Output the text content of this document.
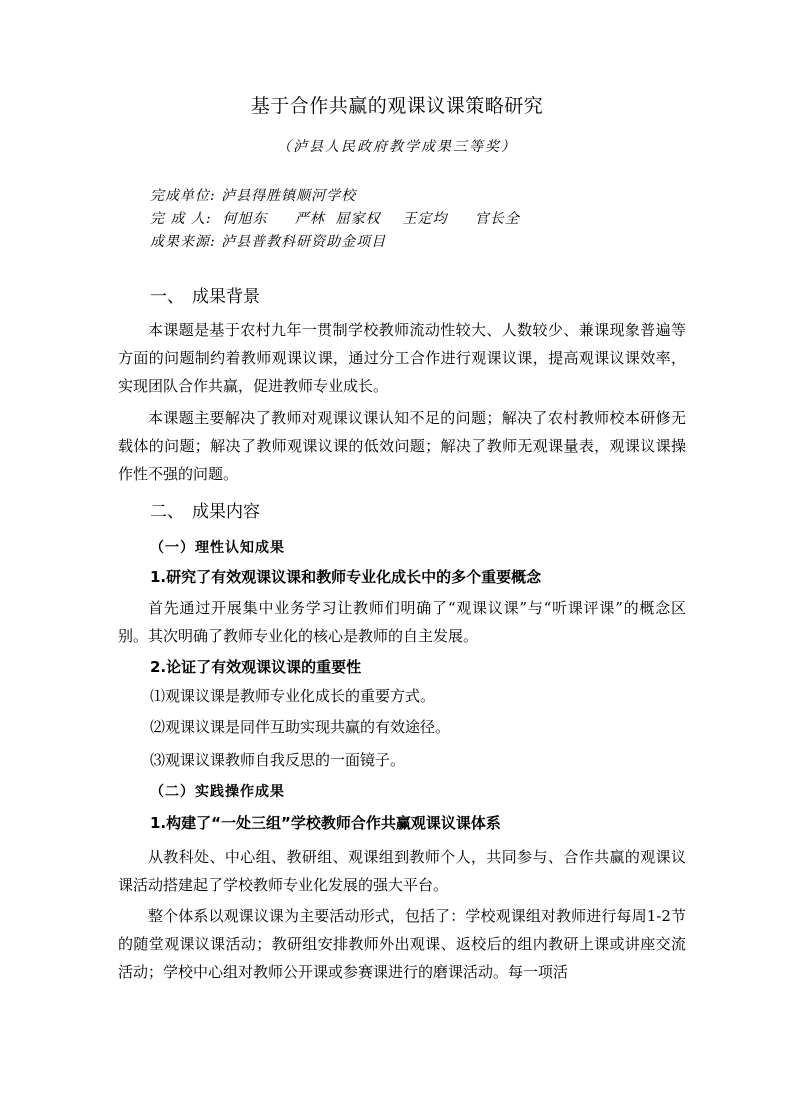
基于合作共赢的观课议课策略研究
（泸县人民政府教学成果三等奖）
完成单位: 泸县得胜镇顺河学校
完 成 人:  何旭东     严林  屈家权    王定均     官长全
成果来源: 泸县普教科研资助金项目
一、 成果背景
本课题是基于农村九年一贯制学校教师流动性较大、人数较少、兼课现象普遍等方面的问题制约着教师观课议课，通过分工合作进行观课议课，提高观课议课效率，实现团队合作共赢，促进教师专业成长。
本课题主要解决了教师对观课议课认知不足的问题；解决了农村教师校本研修无载体的问题；解决了教师观课议课的低效问题；解决了教师无观课量表，观课议课操作性不强的问题。
二、 成果内容
（一）理性认知成果
1.研究了有效观课议课和教师专业化成长中的多个重要概念
首先通过开展集中业务学习让教师们明确了“观课议课”与“听课评课”的概念区别。其次明确了教师专业化的核心是教师的自主发展。
2.论证了有效观课议课的重要性
⑴观课议课是教师专业化成长的重要方式。
⑵观课议课是同伴互助实现共赢的有效途径。
⑶观课议课教师自我反思的一面镜子。
（二）实践操作成果
1.构建了“一处三组”学校教师合作共赢观课议课体系
从教科处、中心组、教研组、观课组到教师个人，共同参与、合作共赢的观课议课活动搭建起了学校教师专业化发展的强大平台。
整个体系以观课议课为主要活动形式，包括了：学校观课组对教师进行每周1-2节的随堂观课议课活动；教研组安排教师外出观课、返校后的组内教研上课或讲座交流活动；学校中心组对教师公开课或参赛课进行的磨课活动。每一项活
